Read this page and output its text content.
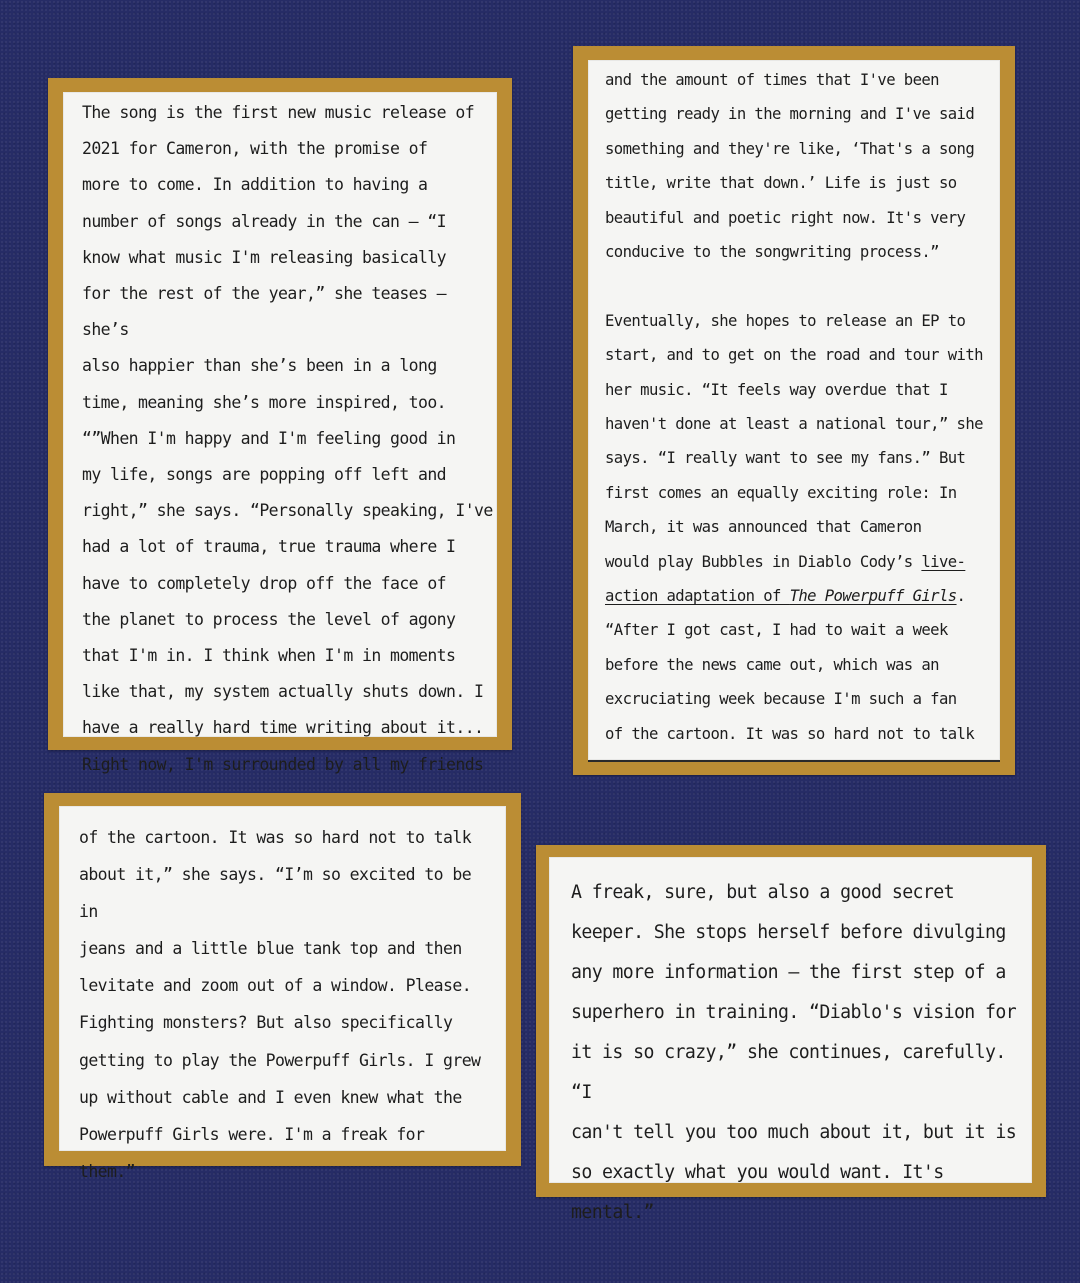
The song is the first new music release of
2021 for Cameron, with the promise of
more to come. In addition to having a
number of songs already in the can — “I
know what music I'm releasing basically
for the rest of the year,” she teases — she’s
also happier than she’s been in a long
time, meaning she’s more inspired, too.
“”When I'm happy and I'm feeling good in
my life, songs are popping off left and
right,” she says. “Personally speaking, I've
had a lot of trauma, true trauma where I
have to completely drop off the face of
the planet to process the level of agony
that I'm in. I think when I'm in moments
like that, my system actually shuts down. I
have a really hard time writing about it...
Right now, I'm surrounded by all my friends

and the amount of times that I've been
getting ready in the morning and I've said
something and they're like, ‘That's a song
title, write that down.’ Life is just so
beautiful and poetic right now. It's very
conducive to the songwriting process.”

Eventually, she hopes to release an EP to
start, and to get on the road and tour with
her music. “It feels way overdue that I
haven't done at least a national tour,” she
says. “I really want to see my fans.” But
first comes an equally exciting role: In
March, it was announced that Cameron
would play Bubbles in Diablo Cody’s live-
action adaptation of The Powerpuff Girls.
“After I got cast, I had to wait a week
before the news came out, which was an
excruciating week because I'm such a fan
of the cartoon. It was so hard not to talk

of the cartoon. It was so hard not to talk
about it,” she says. “I’m so excited to be in
jeans and a little blue tank top and then
levitate and zoom out of a window. Please.
Fighting monsters? But also specifically
getting to play the Powerpuff Girls. I grew
up without cable and I even knew what the
Powerpuff Girls were. I'm a freak for
them.”

A freak, sure, but also a good secret
keeper. She stops herself before divulging
any more information — the first step of a
superhero in training. “Diablo's vision for
it is so crazy,” she continues, carefully. “I
can't tell you too much about it, but it is
so exactly what you would want. It's
mental.”
